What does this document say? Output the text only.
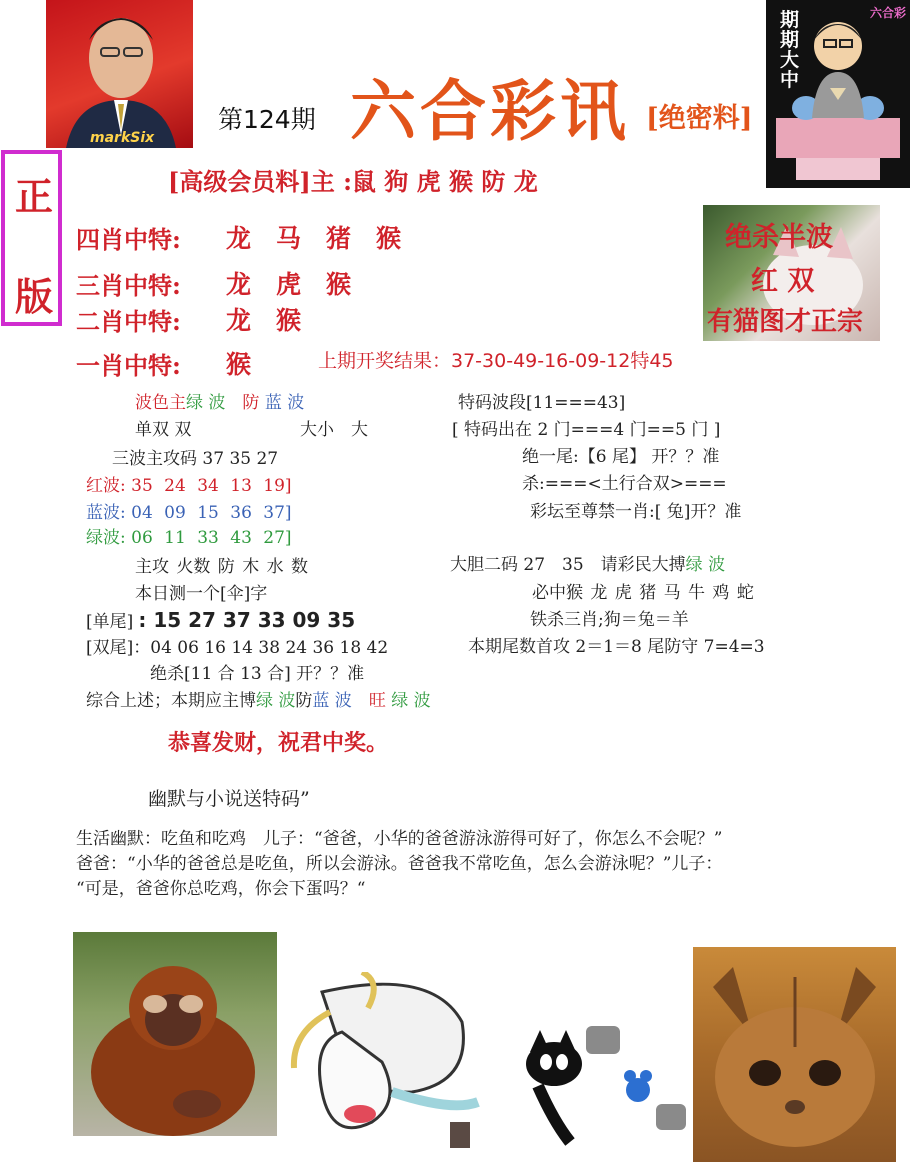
markSix
第124期 六合彩讯 [绝密料]
期期大中
六合彩
正
版
[高级会员料]主 :鼠 狗 虎 猴 防 龙
四肖中特: 龙　马　猪　猴
三肖中特: 龙　虎　猴
二肖中特: 龙　猴
一肖中特: 猴	上期开奖结果：37-30-49-16-09-12特45
绝杀半波
红 双
有猫图才正宗
波色主绿 波　 防 蓝 波
单双 双	大小　大
三波主攻码 37 35 27
红波: 35 24 34 13 19]
蓝波: 04 09 15 36 37]
绿波: 06 11 33 43 27]
主攻 火数 防 木 水 数
本日测一个[伞]字
[单尾] : 15 27 37 33 09 35
[双尾]：04 06 16 14 38 24 36 18 42
绝杀[11 合 13 合] 开？？准
综合上述；本期应主博绿 波防蓝 波　 旺 绿 波
特码波段[11===43]
[ 特码出在 2 门===4 门==5 门 ]
绝一尾:【6 尾】 开？？准
杀:===<土行合双>===
彩坛至尊禁一肖:[ 兔]开？准
大胆二码 27　35　请彩民大搏绿 波
必中猴 龙 虎 猪 马 牛 鸡 蛇
铁杀三肖;狗＝兔＝羊
本期尾数首攻 2＝1＝8 尾防守 7=4=3
恭喜发财，祝君中奖。
幽默与小说送特码”
生活幽默：吃鱼和吃鸡　儿子：“爸爸，小华的爸爸游泳游得可好了，你怎么不会呢？”
爸爸：“小华的爸爸总是吃鱼，所以会游泳。爸爸我不常吃鱼，怎么会游泳呢？”儿子：
“可是，爸爸你总吃鸡，你会下蛋吗？“
